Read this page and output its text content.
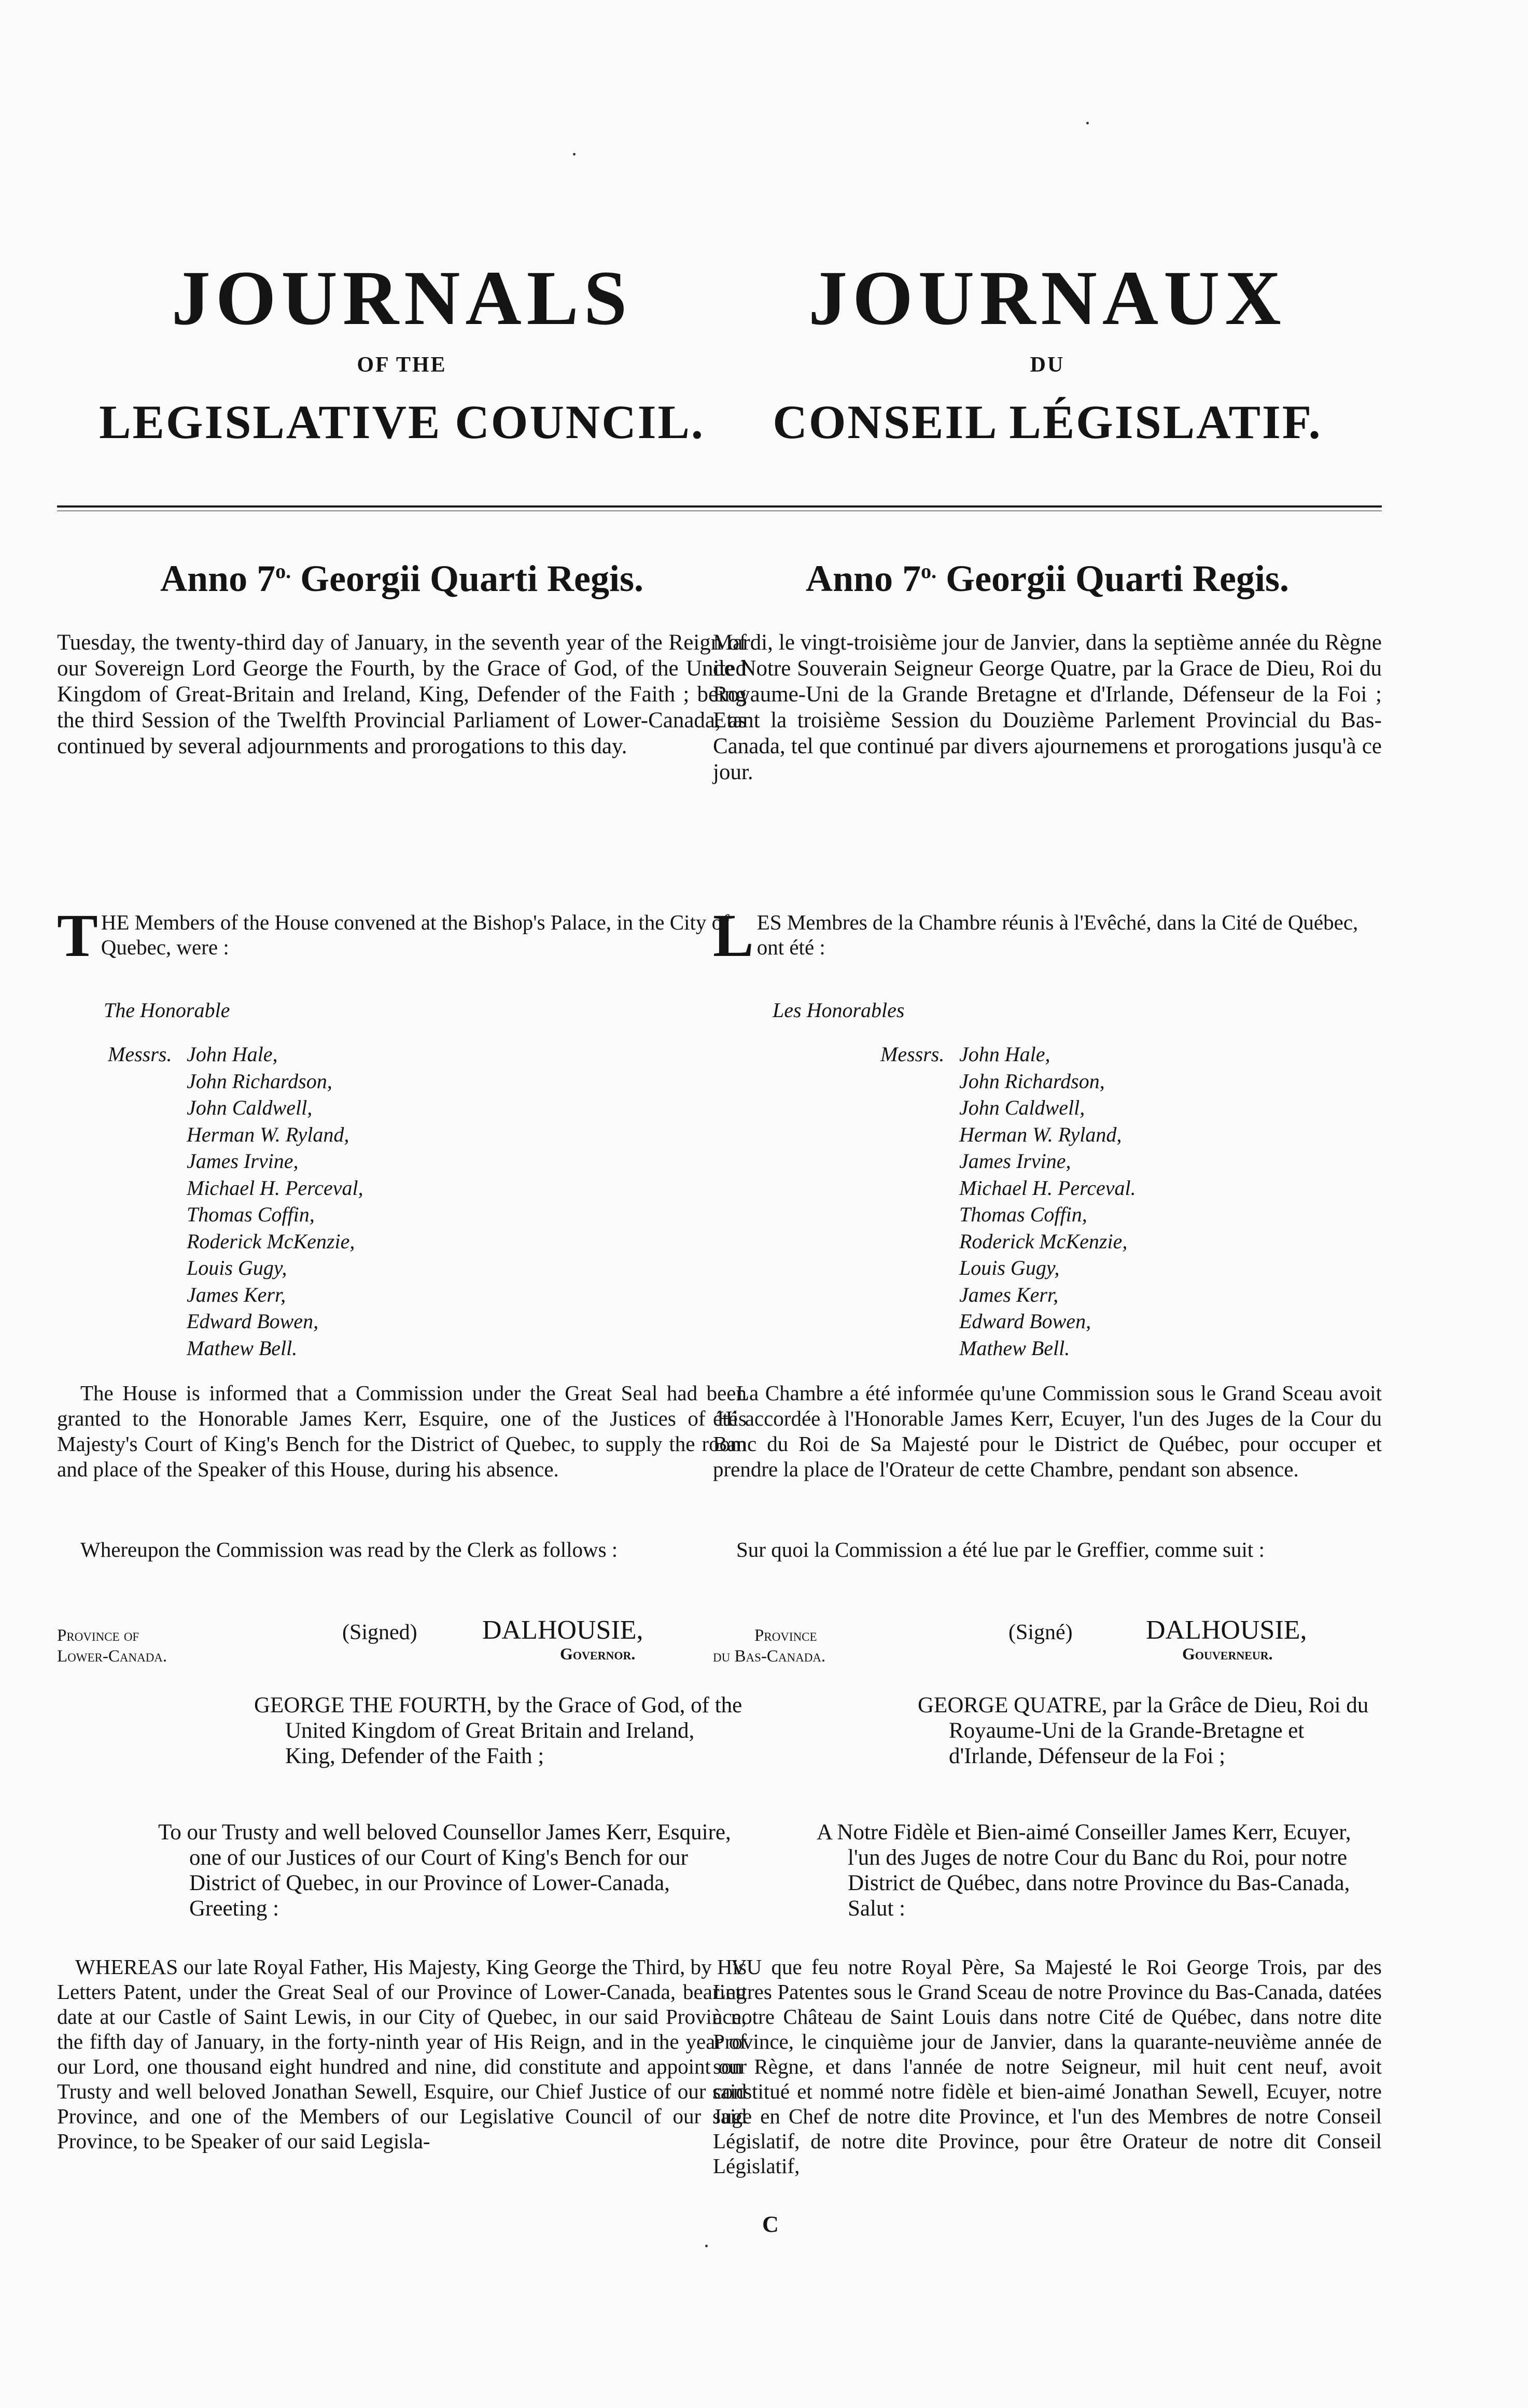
JOURNALS
OF THE
LEGISLATIVE COUNCIL.
Anno $7^{o.}$ Georgii Quarti Regis.
Tuesday, the twenty-third day of January, in the seventh year of the Reign of our Sovereign Lord George the Fourth, by the Grace of God, of the United Kingdom of Great-Britain and Ireland, King, Defender of the Faith ; being the third Session of the Twelfth Provincial Parliament of Lower-Canada, as continued by several adjournments and prorogations to this day.
THE Members of the House convened at the Bishop's Palace, in the City of Quebec, were :
The Honorable
Messrs. John Hale,
John Richardson,
John Caldwell,
Herman W. Ryland,
James Irvine,
Michael H. Perceval,
Thomas Coffin,
Roderick McKenzie,
Louis Gugy,
James Kerr,
Edward Bowen,
Mathew Bell.
The House is informed that a Commission under the Great Seal had been granted to the Honorable James Kerr, Esquire, one of the Justices of His Majesty's Court of King's Bench for the District of Quebec, to supply the room and place of the Speaker of this House, during his absence.
Whereupon the Commission was read by the Clerk as follows :
Province of
Lower-Canada.
(Signed) DALHOUSIE,
Governor.
GEORGE THE FOURTH, by the Grace of God, of the United Kingdom of Great Britain and Ireland, King, Defender of the Faith ;
To our Trusty and well beloved Counsellor James Kerr, Esquire, one of our Justices of our Court of King's Bench for our District of Quebec, in our Province of Lower-Canada, Greeting :
WHEREAS our late Royal Father, His Majesty, King George the Third, by His Letters Patent, under the Great Seal of our Province of Lower-Canada, bearing date at our Castle of Saint Lewis, in our City of Quebec, in our said Province, the fifth day of January, in the forty-ninth year of His Reign, and in the year of our Lord, one thousand eight hundred and nine, did constitute and appoint our Trusty and well beloved Jonathan Sewell, Esquire, our Chief Justice of our said Province, and one of the Members of our Legislative Council of our said Province, to be Speaker of our said Legisla-
JOURNAUX
DU
CONSEIL LÉGISLATIF.
Anno $7^{o.}$ Georgii Quarti Regis.
Mardi, le vingt-troisième jour de Janvier, dans la septième année du Règne de Notre Souverain Seigneur George Quatre, par la Grace de Dieu, Roi du Royaume-Uni de la Grande Bretagne et d'Irlande, Défenseur de la Foi ; Etant la troisième Session du Douzième Parlement Provincial du Bas-Canada, tel que continué par divers ajournemens et prorogations jusqu'à ce jour.
LES Membres de la Chambre réunis à l'Evêché, dans la Cité de Québec, ont été :
Les Honorables
Messrs. John Hale,
John Richardson,
John Caldwell,
Herman W. Ryland,
James Irvine,
Michael H. Perceval.
Thomas Coffin,
Roderick McKenzie,
Louis Gugy,
James Kerr,
Edward Bowen,
Mathew Bell.
La Chambre a été informée qu'une Commission sous le Grand Sceau avoit été accordée à l'Honorable James Kerr, Ecuyer, l'un des Juges de la Cour du Banc du Roi de Sa Majesté pour le District de Québec, pour occuper et prendre la place de l'Orateur de cette Chambre, pendant son absence.
Sur quoi la Commission a été lue par le Greffier, comme suit :
Province
du Bas-Canada.
(Signé)	DALHOUSIE,
Gouverneur.
GEORGE QUATRE, par la Grâce de Dieu, Roi du Royaume-Uni de la Grande-Bretagne et d'Irlande, Défenseur de la Foi ;
A Notre Fidèle et Bien-aimé Conseiller James Kerr, Ecuyer, l'un des Juges de notre Cour du Banc du Roi, pour notre District de Québec, dans notre Province du Bas-Canada, Salut :
VU que feu notre Royal Père, Sa Majesté le Roi George Trois, par des Lettres Patentes sous le Grand Sceau de notre Province du Bas-Canada, datées à notre Château de Saint Louis dans notre Cité de Québec, dans notre dite Province, le cinquième jour de Janvier, dans la quarante-neuvième année de son Règne, et dans l'année de notre Seigneur, mil huit cent neuf, avoit constitué et nommé notre fidèle et bien-aimé Jonathan Sewell, Ecuyer, notre Juge en Chef de notre dite Province, et l'un des Membres de notre Conseil Législatif, de notre dite Province, pour être Orateur de notre dit Conseil Législatif,
C
